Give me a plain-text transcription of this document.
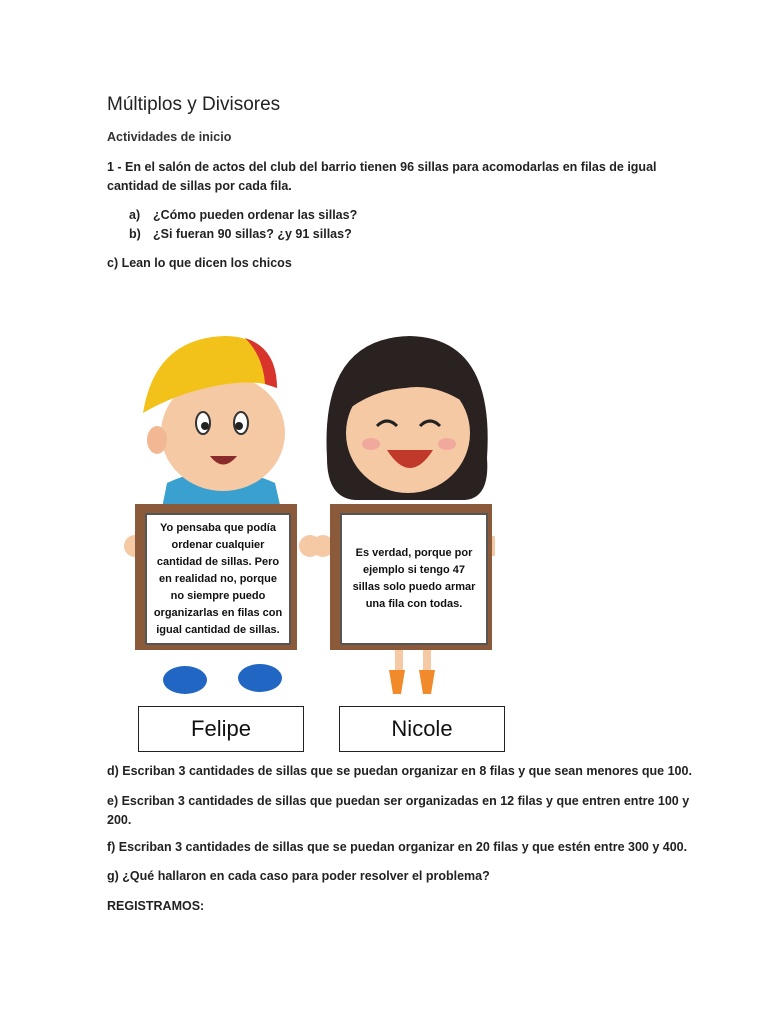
Múltiplos y Divisores
Actividades de inicio
1 - En el salón de actos del club del barrio tienen 96 sillas para acomodarlas en filas de igual
cantidad de sillas por cada fila.
a)	¿Cómo pueden ordenar las sillas?
b) ¿Si fueran 90 sillas? ¿y 91 sillas?
c) Lean lo que dicen los chicos
Yo pensaba que podía
ordenar cualquier
cantidad de sillas. Pero
en realidad no, porque
no siempre puedo
organizarlas en filas con
igual cantidad de sillas.
Es verdad, porque por
ejemplo si tengo 47
sillas solo puedo armar
una fila con todas.
Felipe	Nicole
d) Escriban 3 cantidades de sillas que se puedan organizar en 8 filas y que sean menores que 100.
e) Escriban 3 cantidades de sillas que puedan ser organizadas en 12 filas y que entren entre 100 y
200.
f) Escriban 3 cantidades de sillas que se puedan organizar en 20 filas y que estén entre 300 y 400.
g) ¿Qué hallaron en cada caso para poder resolver el problema?
REGISTRAMOS:
